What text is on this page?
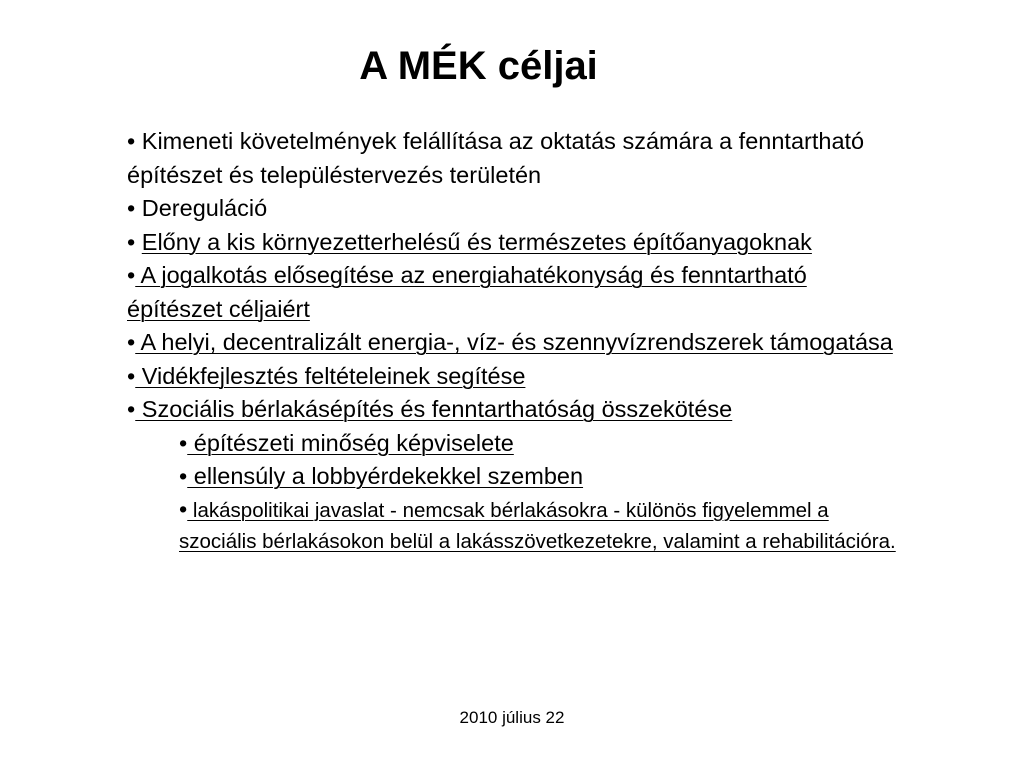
A MÉK céljai
• Kimeneti követelmények felállítása az oktatás számára a fenntartható építészet és településtervezés területén
• Dereguláció
• Előny a kis környezetterhelésű és természetes építőanyagoknak
• A jogalkotás elősegítése az energiahatékonyság és fenntartható építészet céljaiért
• A helyi, decentralizált energia-, víz- és szennyvízrendszerek támogatása
• Vidékfejlesztés feltételeinek segítése
• Szociális bérlakásépítés és fenntarthatóság összekötése
• építészeti minőség képviselete
• ellensúly a lobbyérdekekkel szemben
• lakáspolitikai javaslat - nemcsak bérlakásokra - különös figyelemmel a szociális bérlakásokon belül a lakásszövetkezetekre, valamint a rehabilitációra.
2010 július 22
